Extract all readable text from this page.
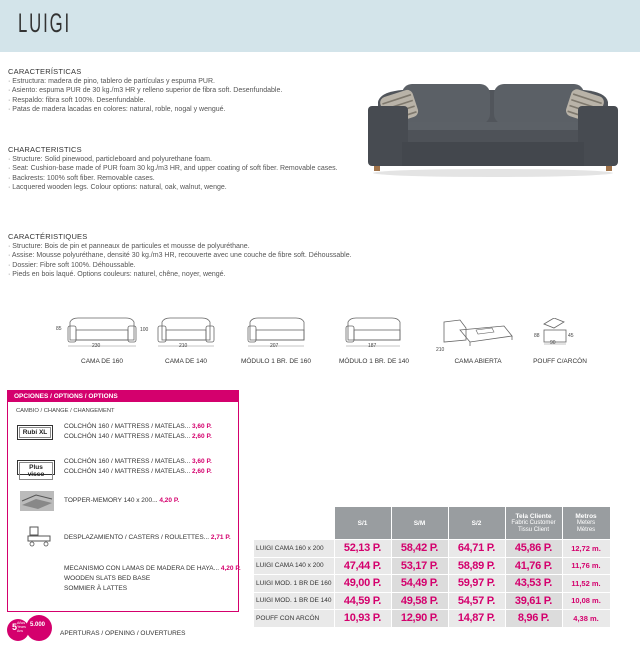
LUIGI
CARACTERÍSTICAS
· Estructura: madera de pino, tablero de partículas y espuma PUR.
· Asiento: espuma PUR de 30 kg./m3 HR y relleno superior de fibra soft. Desenfundable.
· Respaldo: fibra soft 100%. Desenfundable.
· Patas de madera lacadas en colores: natural, roble, nogal y wengué.
CHARACTERISTICS
· Structure: Solid pinewood, particleboard and polyurethane foam.
· Seat: Cushion-base made of PUR foam 30 kg./m3 HR, and upper coating of soft fiber. Removable cases.
· Backrests: 100% soft fiber. Removable cases.
· Lacquered wooden legs. Colour options: natural, oak, walnut, wenge.
CARACTÉRISTIQUES
· Structure: Bois de pin et panneaux de particules et mousse de polyuréthane.
· Assise: Mousse polyuréthane, densité 30 kg./m3 HR, recouverte avec une couche de fibre soft. Déhoussable.
· Dossier: Fibre soft 100%. Déhoussable.
· Pieds en bois laqué. Options couleurs: naturel, chêne, noyer, wengé.
230
85	100
CAMA DE 160
210
CAMA DE 140
207
MÓDULO 1 BR. DE 160
187
MÓDULO 1 BR. DE 140
210
CAMA ABIERTA
90
45
88
POUFF C/ARCÓN
OPCIONES / OPTIONS / OPTIONS
CAMBIO / CHANGE / CHANGEMENT
Rubí XL
COLCHÓN 160 / MATTRESS / MATELAS... 3,60 P.
COLCHÓN 140 / MATTRESS / MATELAS... 2,60 P.
Plus visco
COLCHÓN 160 / MATTRESS / MATELAS... 3,60 P.
COLCHÓN 140 / MATTRESS / MATELAS... 2,60 P.
TOPPER-MEMORY 140 x 200... 4,20 P.
DESPLAZAMIENTO / CASTERS / ROULETTES... 2,71 P.
MECANISMO CON LAMAS DE MADERA DE HAYA... 4,20 P.
WOODEN SLATS BED BASE
SOMMIER À LATTES
	S/1	S/M	S/2	Tela Cliente
Fabric Customer
Tissu Client	Metros
Meters
Mètres

LUIGI CAMA 160 x 200	52,13 P.	58,42 P.	64,71 P.	45,86 P.	12,72 m.
LUIGI CAMA 140 x 200	47,44 P.	53,17 P.	58,89 P.	41,76 P.	11,76 m.
LUIGI MOD. 1 BR DE 160	49,00 P.	54,49 P.	59,97 P.	43,53 P.	11,52 m.
LUIGI MOD. 1 BR DE 140	44,59 P.	49,58 P.	54,57 P.	39,61 P.	10,08 m.
POUFF CON ARCÓN	10,93 P.	12,90 P.	14,87 P.	8,96 P.	4,38 m.
5 Años Years Ans
5.000
APERTURAS / OPENING / OUVERTURES
